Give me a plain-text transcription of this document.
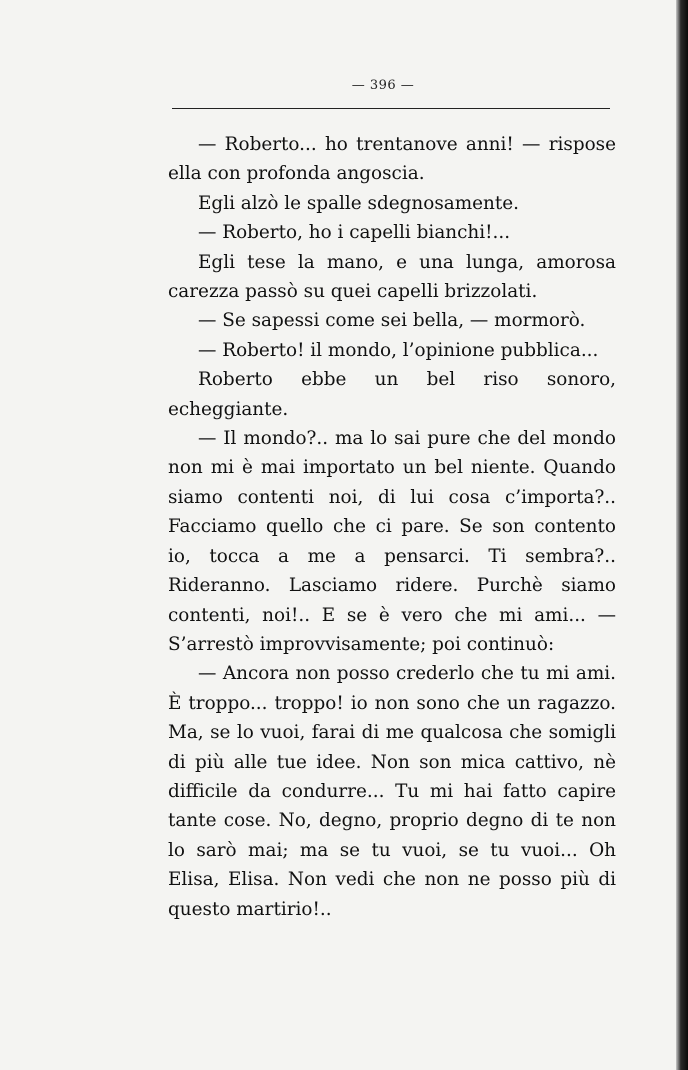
— 396 —

— Roberto... ho trentanove anni! — rispose ella con profonda angoscia.

Egli alzò le spalle sdegnosamente.

— Roberto, ho i capelli bianchi!...

Egli tese la mano, e una lunga, amorosa carezza passò su quei capelli brizzolati.

— Se sapessi come sei bella, — mormorò.

— Roberto! il mondo, l’opinione pubblica...

Roberto ebbe un bel riso sonoro, echeggiante.

— Il mondo?.. ma lo sai pure che del mondo non mi è mai importato un bel niente. Quando siamo contenti noi, di lui cosa c’importa?.. Facciamo quello che ci pare. Se son contento io, tocca a me a pensarci. Ti sembra?.. Rideranno. Lasciamo ridere. Purchè siamo contenti, noi!.. E se è vero che mi ami... — S’arrestò improvvisamente; poi continuò:

— Ancora non posso crederlo che tu mi ami. È troppo... troppo! io non sono che un ragazzo. Ma, se lo vuoi, farai di me qualcosa che somigli di più alle tue idee. Non son mica cattivo, nè difficile da condurre... Tu mi hai fatto capire tante cose. No, degno, proprio degno di te non lo sarò mai; ma se tu vuoi, se tu vuoi... Oh Elisa, Elisa. Non vedi che non ne posso più di questo martirio!..
